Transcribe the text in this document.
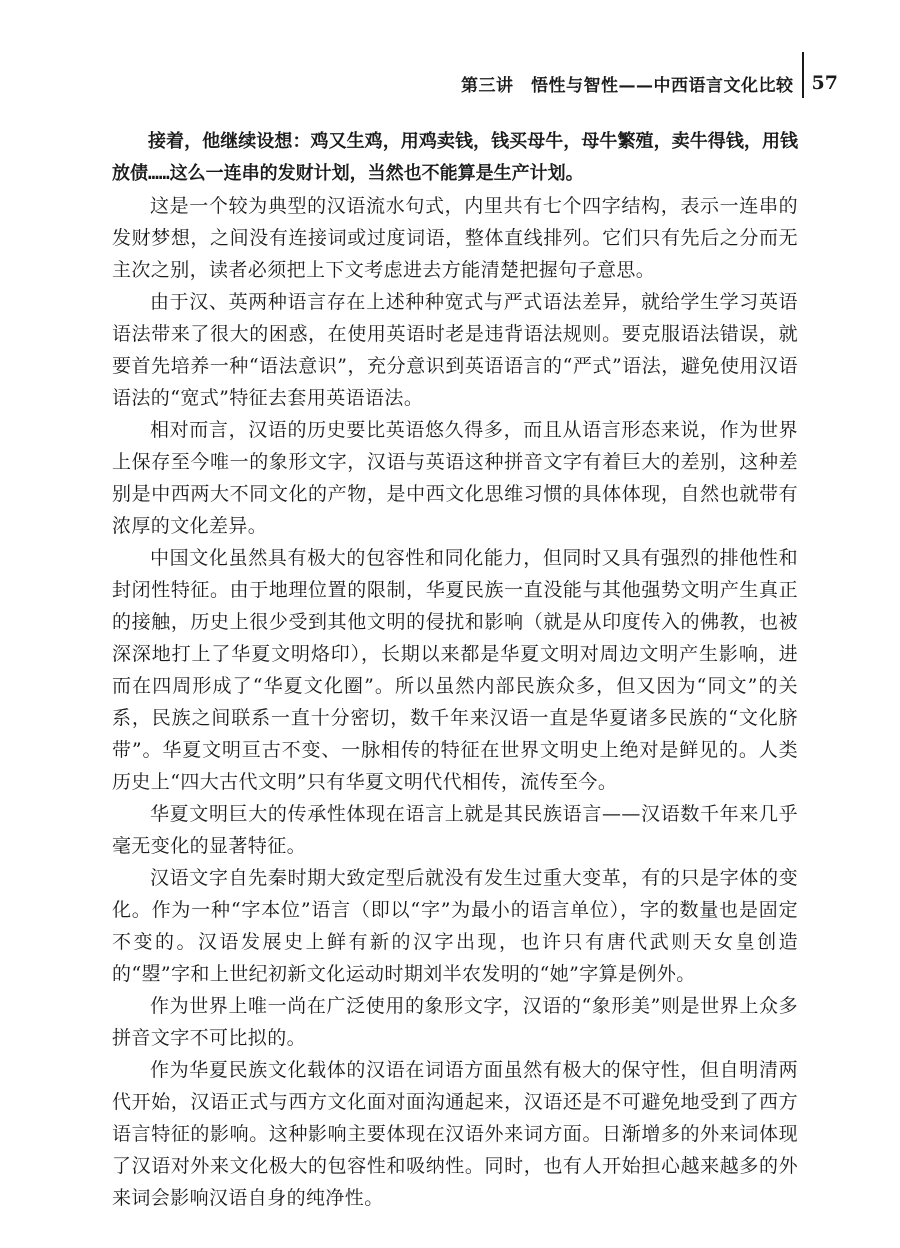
第三讲　悟性与智性——中西语言文化比较 57

接着，他继续设想：鸡又生鸡，用鸡卖钱，钱买母牛，母牛繁殖，卖牛得钱，用钱放债……这么一连串的发财计划，当然也不能算是生产计划。

这是一个较为典型的汉语流水句式，内里共有七个四字结构，表示一连串的发财梦想，之间没有连接词或过度词语，整体直线排列。它们只有先后之分而无主次之别，读者必须把上下文考虑进去方能清楚把握句子意思。

由于汉、英两种语言存在上述种种宽式与严式语法差异，就给学生学习英语语法带来了很大的困惑，在使用英语时老是违背语法规则。要克服语法错误，就要首先培养一种“语法意识”，充分意识到英语语言的“严式”语法，避免使用汉语语法的“宽式”特征去套用英语语法。

相对而言，汉语的历史要比英语悠久得多，而且从语言形态来说，作为世界上保存至今唯一的象形文字，汉语与英语这种拼音文字有着巨大的差别，这种差别是中西两大不同文化的产物，是中西文化思维习惯的具体体现，自然也就带有浓厚的文化差异。

中国文化虽然具有极大的包容性和同化能力，但同时又具有强烈的排他性和封闭性特征。由于地理位置的限制，华夏民族一直没能与其他强势文明产生真正的接触，历史上很少受到其他文明的侵扰和影响（就是从印度传入的佛教，也被深深地打上了华夏文明烙印），长期以来都是华夏文明对周边文明产生影响，进而在四周形成了“华夏文化圈”。所以虽然内部民族众多，但又因为“同文”的关系，民族之间联系一直十分密切，数千年来汉语一直是华夏诸多民族的“文化脐带”。华夏文明亘古不变、一脉相传的特征在世界文明史上绝对是鲜见的。人类历史上“四大古代文明”只有华夏文明代代相传，流传至今。

华夏文明巨大的传承性体现在语言上就是其民族语言——汉语数千年来几乎毫无变化的显著特征。

汉语文字自先秦时期大致定型后就没有发生过重大变革，有的只是字体的变化。作为一种“字本位”语言（即以“字”为最小的语言单位），字的数量也是固定不变的。汉语发展史上鲜有新的汉字出现，也许只有唐代武则天女皇创造的“曌”字和上世纪初新文化运动时期刘半农发明的“她”字算是例外。

作为世界上唯一尚在广泛使用的象形文字，汉语的“象形美”则是世界上众多拼音文字不可比拟的。

作为华夏民族文化载体的汉语在词语方面虽然有极大的保守性，但自明清两代开始，汉语正式与西方文化面对面沟通起来，汉语还是不可避免地受到了西方语言特征的影响。这种影响主要体现在汉语外来词方面。日渐增多的外来词体现了汉语对外来文化极大的包容性和吸纳性。同时，也有人开始担心越来越多的外来词会影响汉语自身的纯净性。
